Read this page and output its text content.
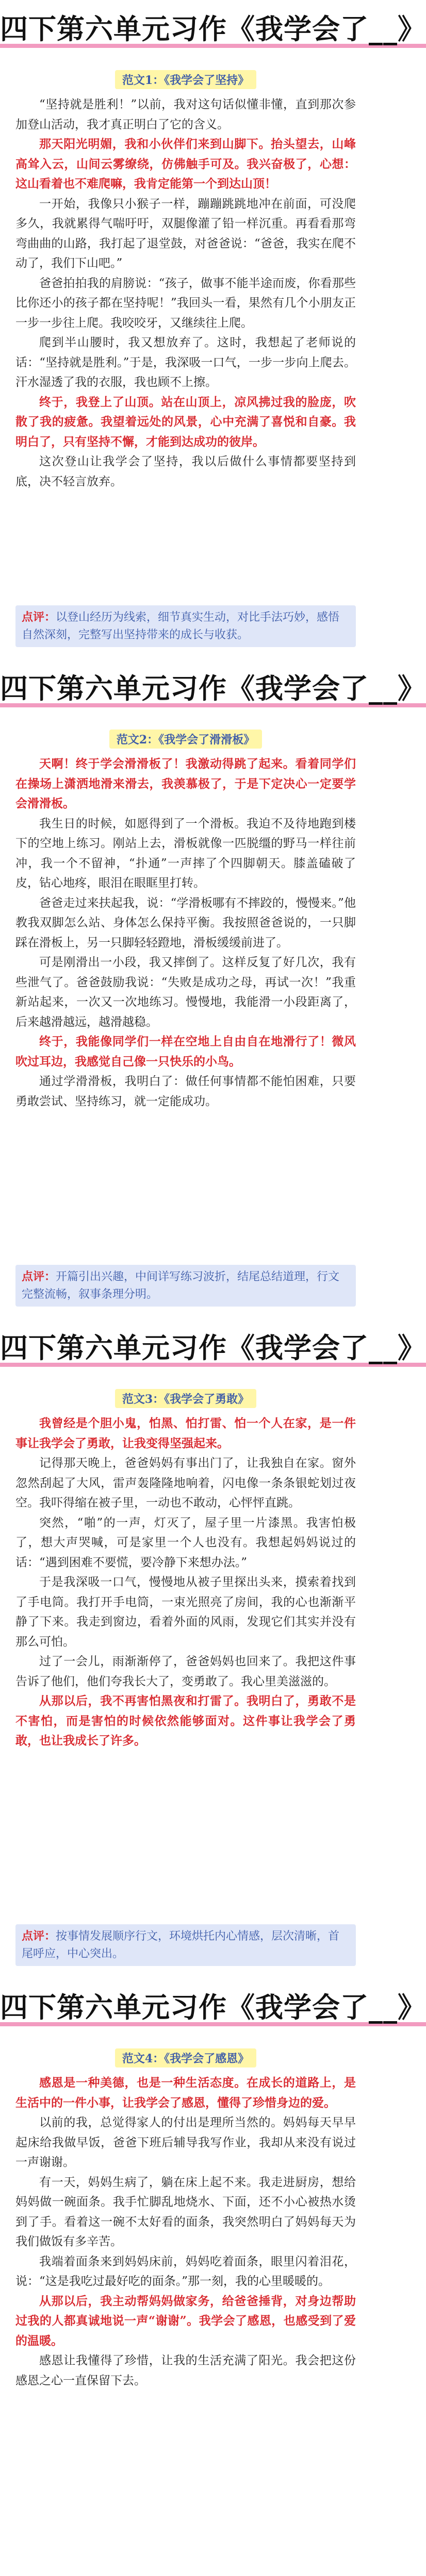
四下第六单元习作《我学会了__》
范文1：《我学会了坚持》

“坚持就是胜利！”以前，我对这句话似懂非懂，直到那次参加登山活动，我才真正明白了它的含义。

那天阳光明媚，我和小伙伴们来到山脚下。抬头望去，山峰高耸入云，山间云雾缭绕，仿佛触手可及。我兴奋极了，心想：这山看着也不难爬嘛，我肯定能第一个到达山顶！

一开始，我像只小猴子一样，蹦蹦跳跳地冲在前面，可没爬多久，我就累得气喘吁吁，双腿像灌了铅一样沉重。再看看那弯弯曲曲的山路，我打起了退堂鼓，对爸爸说：“爸爸，我实在爬不动了，我们下山吧。”

爸爸拍拍我的肩膀说：“孩子，做事不能半途而废，你看那些比你还小的孩子都在坚持呢！”我回头一看，果然有几个小朋友正一步一步往上爬。我咬咬牙，又继续往上爬。

爬到半山腰时，我又想放弃了。这时，我想起了老师说的话：“坚持就是胜利。”于是，我深吸一口气，一步一步向上爬去。汗水湿透了我的衣服，我也顾不上擦。

终于，我登上了山顶。站在山顶上，凉风拂过我的脸庞，吹散了我的疲惫。我望着远处的风景，心中充满了喜悦和自豪。我明白了，只有坚持不懈，才能到达成功的彼岸。

这次登山让我学会了坚持，我以后做什么事情都要坚持到底，决不轻言放弃。

点评：以登山经历为线索，细节真实生动，对比手法巧妙，感悟自然深刻，完整写出坚持带来的成长与收获。
四下第六单元习作《我学会了__》
范文2：《我学会了滑滑板》

天啊！终于学会滑滑板了！我激动得跳了起来。看着同学们在操场上潇洒地滑来滑去，我羡慕极了，于是下定决心一定要学会滑滑板。

我生日的时候，如愿得到了一个滑板。我迫不及待地跑到楼下的空地上练习。刚站上去，滑板就像一匹脱缰的野马一样往前冲，我一个不留神，“扑通”一声摔了个四脚朝天。膝盖磕破了皮，钻心地疼，眼泪在眼眶里打转。

爸爸走过来扶起我，说：“学滑板哪有不摔跤的，慢慢来。”他教我双脚怎么站、身体怎么保持平衡。我按照爸爸说的，一只脚踩在滑板上，另一只脚轻轻蹬地，滑板缓缓前进了。

可是刚滑出一小段，我又摔倒了。这样反复了好几次，我有些泄气了。爸爸鼓励我说：“失败是成功之母，再试一次！”我重新站起来，一次又一次地练习。慢慢地，我能滑一小段距离了，后来越滑越远，越滑越稳。

终于，我能像同学们一样在空地上自由自在地滑行了！微风吹过耳边，我感觉自己像一只快乐的小鸟。

通过学滑滑板，我明白了：做任何事情都不能怕困难，只要勇敢尝试、坚持练习，就一定能成功。

点评：开篇引出兴趣，中间详写练习波折，结尾总结道理，行文完整流畅，叙事条理分明。
四下第六单元习作《我学会了__》
范文3：《我学会了勇敢》

我曾经是个胆小鬼，怕黑、怕打雷、怕一个人在家，是一件事让我学会了勇敢，让我变得坚强起来。

记得那天晚上，爸爸妈妈有事出门了，让我独自在家。窗外忽然刮起了大风，雷声轰隆隆地响着，闪电像一条条银蛇划过夜空。我吓得缩在被子里，一动也不敢动，心怦怦直跳。

突然，“啪”的一声，灯灭了，屋子里一片漆黑。我害怕极了，想大声哭喊，可是家里一个人也没有。我想起妈妈说过的话：“遇到困难不要慌，要冷静下来想办法。”

于是我深吸一口气，慢慢地从被子里探出头来，摸索着找到了手电筒。我打开手电筒，一束光照亮了房间，我的心也渐渐平静了下来。我走到窗边，看着外面的风雨，发现它们其实并没有那么可怕。

过了一会儿，雨渐渐停了，爸爸妈妈也回来了。我把这件事告诉了他们，他们夸我长大了，变勇敢了。我心里美滋滋的。

从那以后，我不再害怕黑夜和打雷了。我明白了，勇敢不是不害怕，而是害怕的时候依然能够面对。这件事让我学会了勇敢，也让我成长了许多。

点评：按事情发展顺序行文，环境烘托内心情感，层次清晰，首尾呼应，中心突出。
四下第六单元习作《我学会了__》
范文4：《我学会了感恩》

感恩是一种美德，也是一种生活态度。在成长的道路上，是生活中的一件小事，让我学会了感恩，懂得了珍惜身边的爱。

以前的我，总觉得家人的付出是理所当然的。妈妈每天早早起床给我做早饭，爸爸下班后辅导我写作业，我却从来没有说过一声谢谢。

有一天，妈妈生病了，躺在床上起不来。我走进厨房，想给妈妈做一碗面条。我手忙脚乱地烧水、下面，还不小心被热水烫到了手。看着这一碗不太好看的面条，我突然明白了妈妈每天为我们做饭有多辛苦。

我端着面条来到妈妈床前，妈妈吃着面条，眼里闪着泪花，说：“这是我吃过最好吃的面条。”那一刻，我的心里暖暖的。

从那以后，我主动帮妈妈做家务，给爸爸捶背，对身边帮助过我的人都真诚地说一声“谢谢”。我学会了感恩，也感受到了爱的温暖。

感恩让我懂得了珍惜，让我的生活充满了阳光。我会把这份感恩之心一直保留下去。
